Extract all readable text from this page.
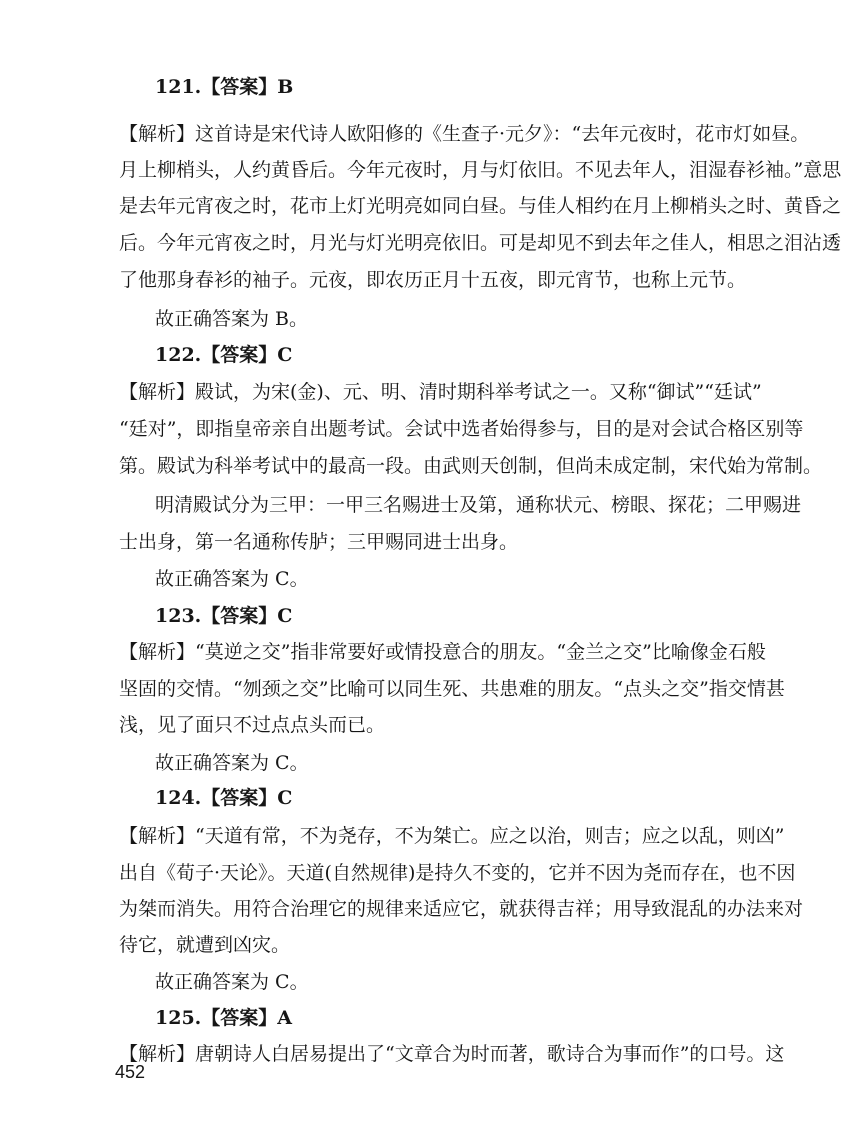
121.【答案】B
【解析】这首诗是宋代诗人欧阳修的《生查子·元夕》：“去年元夜时，花市灯如昼。
月上柳梢头，人约黄昏后。今年元夜时，月与灯依旧。不见去年人，泪湿春衫袖。”意思
是去年元宵夜之时，花市上灯光明亮如同白昼。与佳人相约在月上柳梢头之时、黄昏之
后。今年元宵夜之时，月光与灯光明亮依旧。可是却见不到去年之佳人，相思之泪沾透
了他那身春衫的袖子。元夜，即农历正月十五夜，即元宵节，也称上元节。
故正确答案为 B。
122.【答案】C
【解析】殿试，为宋(金)、元、明、清时期科举考试之一。又称“御试”“廷试”
“廷对”，即指皇帝亲自出题考试。会试中选者始得参与，目的是对会试合格区别等
第。殿试为科举考试中的最高一段。由武则天创制，但尚未成定制，宋代始为常制。
明清殿试分为三甲：一甲三名赐进士及第，通称状元、榜眼、探花；二甲赐进
士出身，第一名通称传胪；三甲赐同进士出身。
故正确答案为 C。
123.【答案】C
【解析】“莫逆之交”指非常要好或情投意合的朋友。“金兰之交”比喻像金石般
坚固的交情。“刎颈之交”比喻可以同生死、共患难的朋友。“点头之交”指交情甚
浅，见了面只不过点点头而已。
故正确答案为 C。
124.【答案】C
【解析】“天道有常，不为尧存，不为桀亡。应之以治，则吉；应之以乱，则凶”
出自《荀子·天论》。天道(自然规律)是持久不变的，它并不因为尧而存在，也不因
为桀而消失。用符合治理它的规律来适应它，就获得吉祥；用导致混乱的办法来对
待它，就遭到凶灾。
故正确答案为 C。
125.【答案】A
【解析】唐朝诗人白居易提出了“文章合为时而著，歌诗合为事而作”的口号。这
452
